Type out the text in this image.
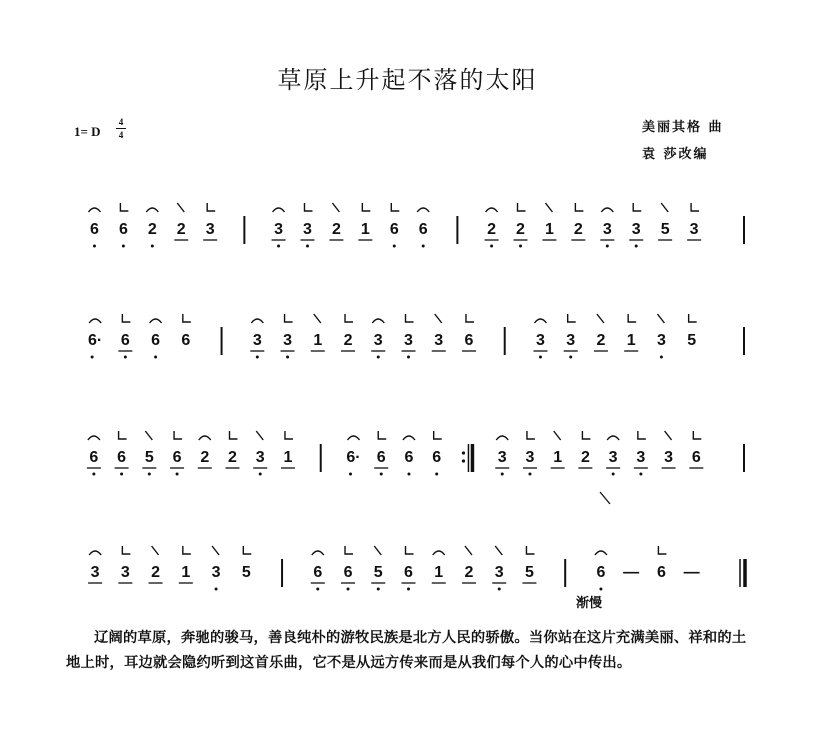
草原上升起不落的太阳
1= D
4
4	美丽其格 曲
袁 莎改编
6 6 2 2 3	3 3 2 1 6 6	2 2 1 2 3 3 5 3
6· 6 6 6	3 3 1 2 3 3 3 6	3 3 2 1 3 5
6 6 5 6 2 2 3 1	6· 6 6 6	3 3 1 2 3 3 3 6
3 3 2 1 3 5	6 6 5 6 1 2 3 5	6 — 6 —
渐慢
辽阔的草原，奔驰的骏马，善良纯朴的游牧民族是北方人民的骄傲。当你站在这片充满美丽、祥和的土地上时，耳边就会隐约听到这首乐曲，它不是从远方传来而是从我们每个人的心中传出。
